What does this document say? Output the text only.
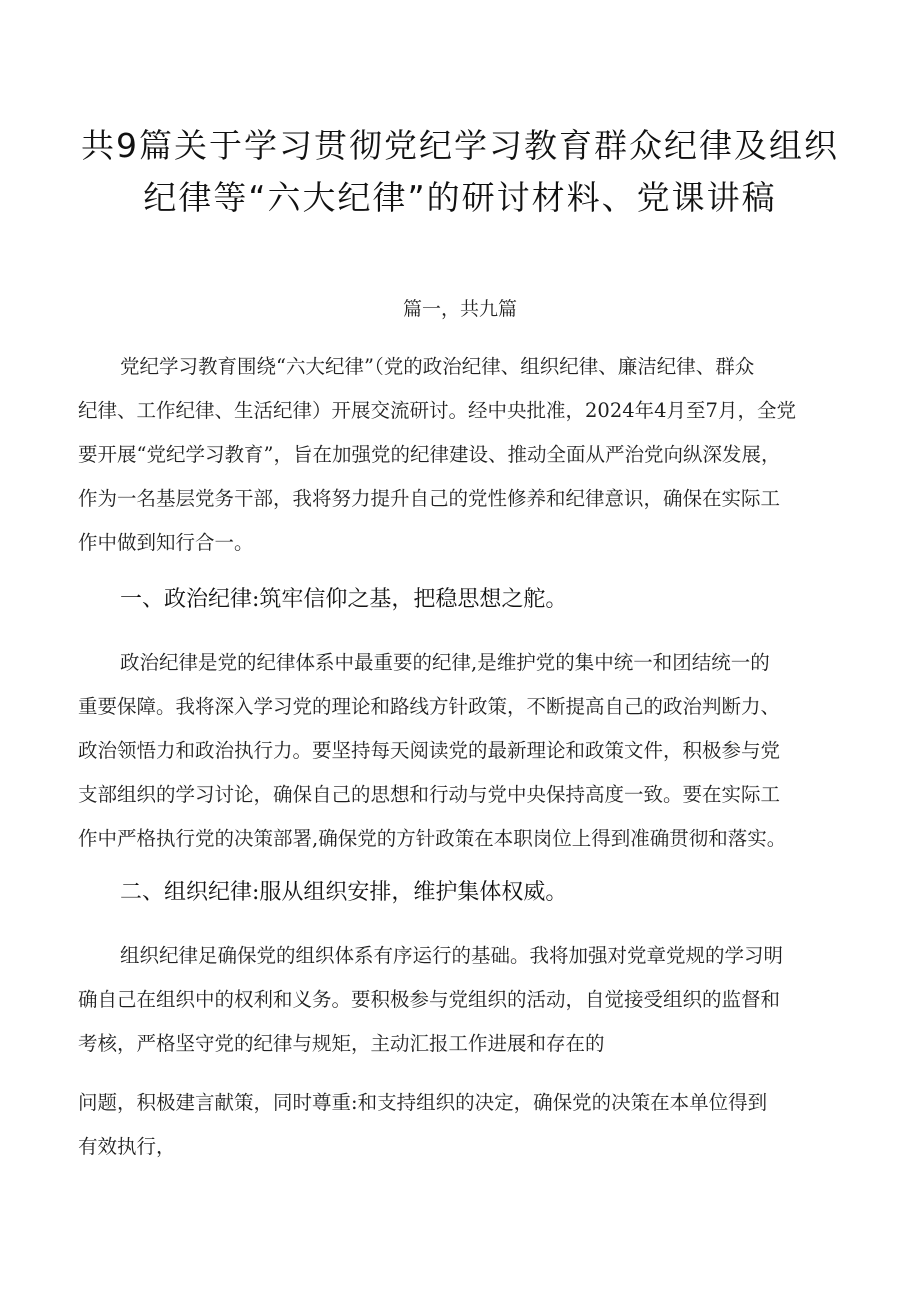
共9篇关于学习贯彻党纪学习教育群众纪律及组织
纪律等“六大纪律”的研讨材料、党课讲稿
篇一，共九篇
党纪学习教育围绕“六大纪律”（党的政治纪律、组织纪律、廉洁纪律、群众
纪律、工作纪律、生活纪律）开展交流研讨。经中央批准，2024年4月至7月，全党
要开展“党纪学习教育”，旨在加强党的纪律建设、推动全面从严治党向纵深发展，
作为一名基层党务干部，我将努力提升自己的党性修养和纪律意识，确保在实际工
作中做到知行合一。
一、政治纪律:筑牢信仰之基，把稳思想之舵。
政治纪律是党的纪律体系中最重要的纪律,是维护党的集中统一和团结统一的
重要保障。我将深入学习党的理论和路线方针政策，不断提高自己的政治判断力、
政治领悟力和政治执行力。要坚持每天阅读党的最新理论和政策文件，积极参与党
支部组织的学习讨论，确保自己的思想和行动与党中央保持高度一致。要在实际工
作中严格执行党的决策部署,确保党的方针政策在本职岗位上得到准确贯彻和落实。
二、组织纪律:服从组织安排，维护集体权威。
组织纪律足确保党的组织体系有序运行的基础。我将加强对党章党规的学习明
确自己在组织中的权利和义务。要积极参与党组织的活动，自觉接受组织的监督和
考核，严格坚守党的纪律与规矩，主动汇报工作进展和存在的
问题，积极建言献策，同时尊重:和支持组织的决定，确保党的决策在本单位得到
有效执行，
